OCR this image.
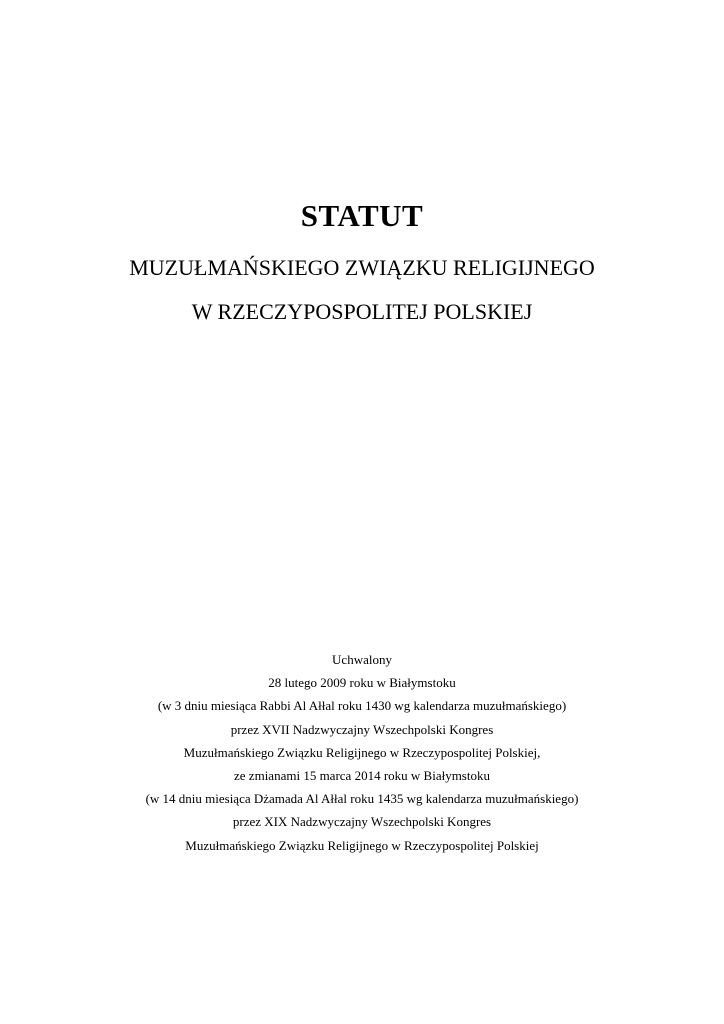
STATUT
MUZUŁMAŃSKIEGO ZWIĄZKU RELIGIJNEGO
W RZECZYPOSPOLITEJ POLSKIEJ

Uchwalony

28 lutego 2009 roku w Białymstoku

(w 3 dniu miesiąca Rabbi Al Ałłal roku 1430 wg kalendarza muzułmańskiego)

przez XVII Nadzwyczajny Wszechpolski Kongres

Muzułmańskiego Związku Religijnego w Rzeczypospolitej Polskiej,

ze zmianami 15 marca 2014 roku w Białymstoku

(w 14 dniu miesiąca Dżamada Al Ałłal roku 1435 wg kalendarza muzułmańskiego)

przez XIX Nadzwyczajny Wszechpolski Kongres

Muzułmańskiego Związku Religijnego w Rzeczypospolitej Polskiej
